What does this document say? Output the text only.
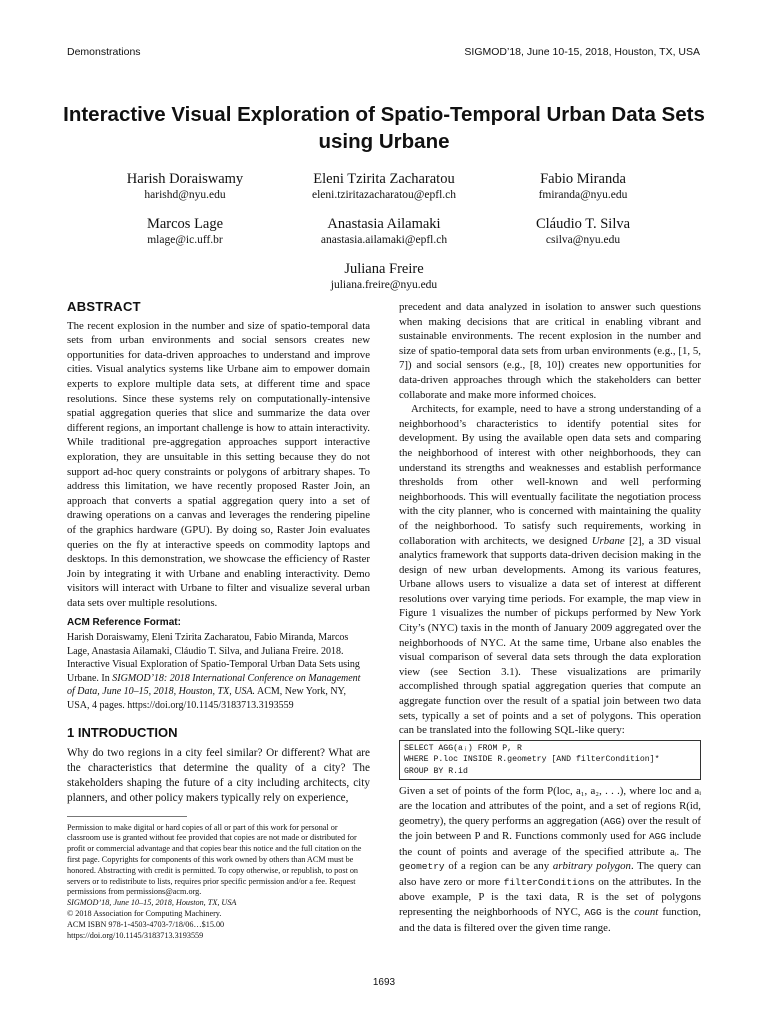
Demonstrations	SIGMOD’18, June 10-15, 2018, Houston, TX, USA
Interactive Visual Exploration of Spatio-Temporal Urban Data Sets using Urbane
Harish Doraiswamy
harishd@nyu.edu
Eleni Tzirita Zacharatou
eleni.tziritazacharatou@epfl.ch
Fabio Miranda
fmiranda@nyu.edu
Marcos Lage
mlage@ic.uff.br
Anastasia Ailamaki
anastasia.ailamaki@epfl.ch
Cláudio T. Silva
csilva@nyu.edu
Juliana Freire
juliana.freire@nyu.edu
ABSTRACT

The recent explosion in the number and size of spatio-temporal data sets from urban environments and social sensors creates new opportunities for data-driven approaches to understand and improve cities. Visual analytics systems like Urbane aim to empower domain experts to explore multiple data sets, at different time and space resolutions. Since these systems rely on computationally-intensive spatial aggregation queries that slice and summarize the data over different regions, an important challenge is how to attain interactivity. While traditional pre-aggregation approaches support interactive exploration, they are unsuitable in this setting because they do not support ad-hoc query constraints or polygons of arbitrary shapes. To address this limitation, we have recently proposed Raster Join, an approach that converts a spatial aggregation query into a set of drawing operations on a canvas and leverages the rendering pipeline of the graphics hardware (GPU). By doing so, Raster Join evaluates queries on the fly at interactive speeds on commodity laptops and desktops. In this demonstration, we showcase the efficiency of Raster Join by integrating it with Urbane and enabling interactivity. Demo visitors will interact with Urbane to filter and visualize several urban data sets over multiple resolutions.

ACM Reference Format:

Harish Doraiswamy, Eleni Tzirita Zacharatou, Fabio Miranda, Marcos Lage, Anastasia Ailamaki, Cláudio T. Silva, and Juliana Freire. 2018. Interactive Visual Exploration of Spatio-Temporal Urban Data Sets using Urbane. In SIGMOD’18: 2018 International Conference on Management of Data, June 10–15, 2018, Houston, TX, USA. ACM, New York, NY, USA, 4 pages. https://doi.org/10.1145/3183713.3193559

1 INTRODUCTION

Why do two regions in a city feel similar? Or different? What are the characteristics that determine the quality of a city? The stakeholders shaping the future of a city including architects, city planners, and other policy makers typically rely on experience,

Permission to make digital or hard copies of all or part of this work for personal or classroom use is granted without fee provided that copies are not made or distributed for profit or commercial advantage and that copies bear this notice and the full citation on the first page. Copyrights for components of this work owned by others than ACM must be honored. Abstracting with credit is permitted. To copy otherwise, or republish, to post on servers or to redistribute to lists, requires prior specific permission and/or a fee. Request permissions from permissions@acm.org.
SIGMOD’18, June 10–15, 2018, Houston, TX, USA
© 2018 Association for Computing Machinery.
ACM ISBN 978-1-4503-4703-7/18/06…$15.00
https://doi.org/10.1145/3183713.3193559

precedent and data analyzed in isolation to answer such questions when making decisions that are critical in enabling vibrant and sustainable environments. The recent explosion in the number and size of spatio-temporal data sets from urban environments (e.g., [1, 5, 7]) and social sensors (e.g., [8, 10]) creates new opportunities for data-driven approaches through which the stakeholders can better collaborate and make more informed choices.

Architects, for example, need to have a strong understanding of a neighborhood’s characteristics to identify potential sites for development. By using the available open data sets and comparing the neighborhood of interest with other neighborhoods, they can understand its strengths and weaknesses and establish performance thresholds from other well-known and well performing neighborhoods. This will eventually facilitate the negotiation process with the city planner, who is concerned with maintaining the quality of the neighborhood. To satisfy such requirements, working in collaboration with architects, we designed Urbane [2], a 3D visual analytics framework that supports data-driven decision making in the design of new urban developments. Among its various features, Urbane allows users to visualize a data set of interest at different resolutions over varying time periods. For example, the map view in Figure 1 visualizes the number of pickups performed by New York City’s (NYC) taxis in the month of January 2009 aggregated over the neighborhoods of NYC. At the same time, Urbane also enables the visual comparison of several data sets through the data exploration view (see Section 3.1). These visualizations are primarily accomplished through spatial aggregation queries that compute an aggregate function over the result of a spatial join between two data sets, typically a set of points and a set of polygons. This operation can be translated into the following SQL-like query:

SELECT AGG(aᵢ) FROM P, R
WHERE P.loc INSIDE R.geometry [AND filterCondition]*
GROUP BY R.id

Given a set of points of the form P(loc, a₁, a₂, . . .), where loc and aᵢ are the location and attributes of the point, and a set of regions R(id, geometry), the query performs an aggregation (AGG) over the result of the join between P and R. Functions commonly used for AGG include the count of points and average of the specified attribute aᵢ. The geometry of a region can be any arbitrary polygon. The query can also have zero or more filterConditions on the attributes. In the above example, P is the taxi data, R is the set of polygons representing the neighborhoods of NYC, AGG is the count function, and the data is filtered over the given time range.

1693
